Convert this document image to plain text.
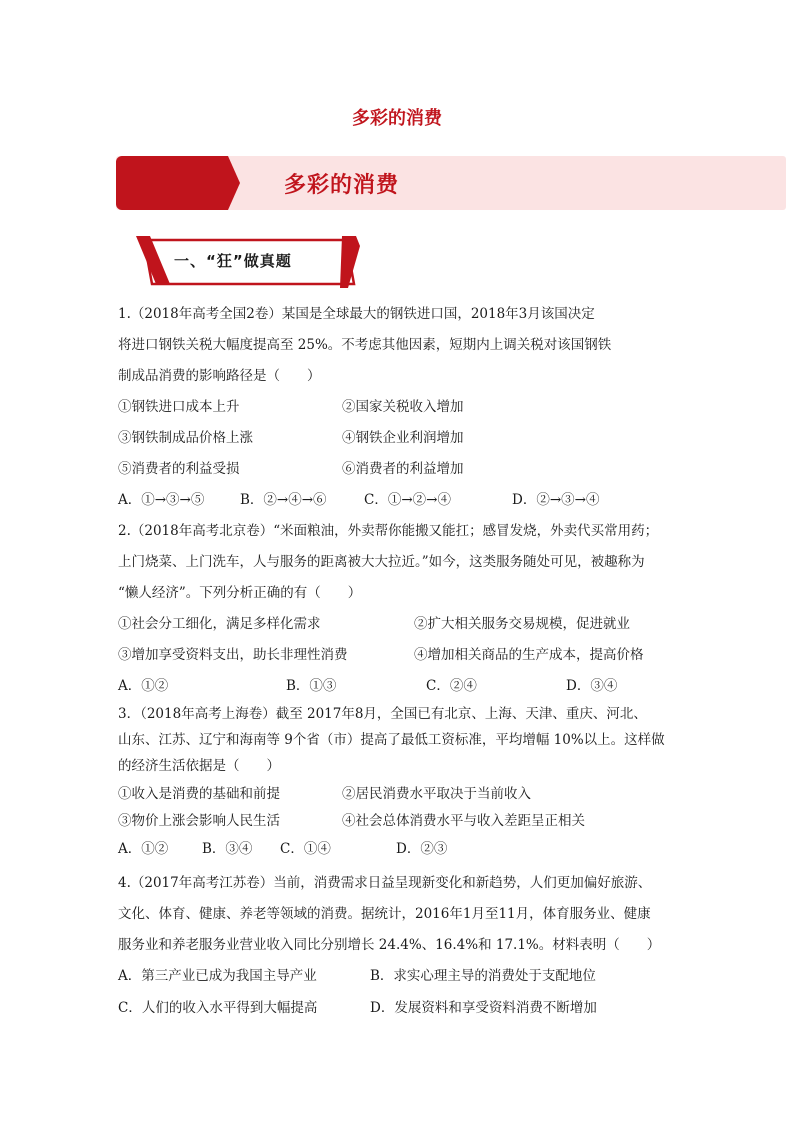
多彩的消费
多彩的消费
一、“狂”做真题
1.（2018年高考全国2卷）某国是全球最大的钢铁进口国，2018年3月该国决定
将进口钢铁关税大幅度提高至 25%。不考虑其他因素，短期内上调关税对该国钢铁
制成品消费的影响路径是（　　）
①钢铁进口成本上升	②国家关税收入增加
③钢铁制成品价格上涨	④钢铁企业利润增加
⑤消费者的利益受损	⑥消费者的利益增加
A．①→③→⑤	B．②→④→⑥	C．①→②→④	D．②→③→④
2.（2018年高考北京卷）“米面粮油，外卖帮你能搬又能扛；感冒发烧，外卖代买常用药；
上门烧菜、上门洗车，人与服务的距离被大大拉近。”如今，这类服务随处可见，被趣称为
“懒人经济”。下列分析正确的有（　　）
①社会分工细化，满足多样化需求	②扩大相关服务交易规模，促进就业
③增加享受资料支出，助长非理性消费	④增加相关商品的生产成本，提高价格
A．①②	B．①③	C．②④	D．③④
3．（2018年高考上海卷）截至 2017年8月，全国已有北京、上海、天津、重庆、河北、
山东、江苏、辽宁和海南等 9个省（市）提高了最低工资标准，平均增幅 10%以上。这样做
的经济生活依据是（　　）
①收入是消费的基础和前提	②居民消费水平取决于当前收入
③物价上涨会影响人民生活	④社会总体消费水平与收入差距呈正相关
A．①②	B．③④ C．①④	D．②③
4.（2017年高考江苏卷）当前，消费需求日益呈现新变化和新趋势，人们更加偏好旅游、
文化、体育、健康、养老等领域的消费。据统计，2016年1月至11月，体育服务业、健康
服务业和养老服务业营业收入同比分别增长 24.4%、16.4%和 17.1%。材料表明（　　）
A．第三产业已成为我国主导产业	B．求实心理主导的消费处于支配地位
C．人们的收入水平得到大幅提高	D．发展资料和享受资料消费不断增加
